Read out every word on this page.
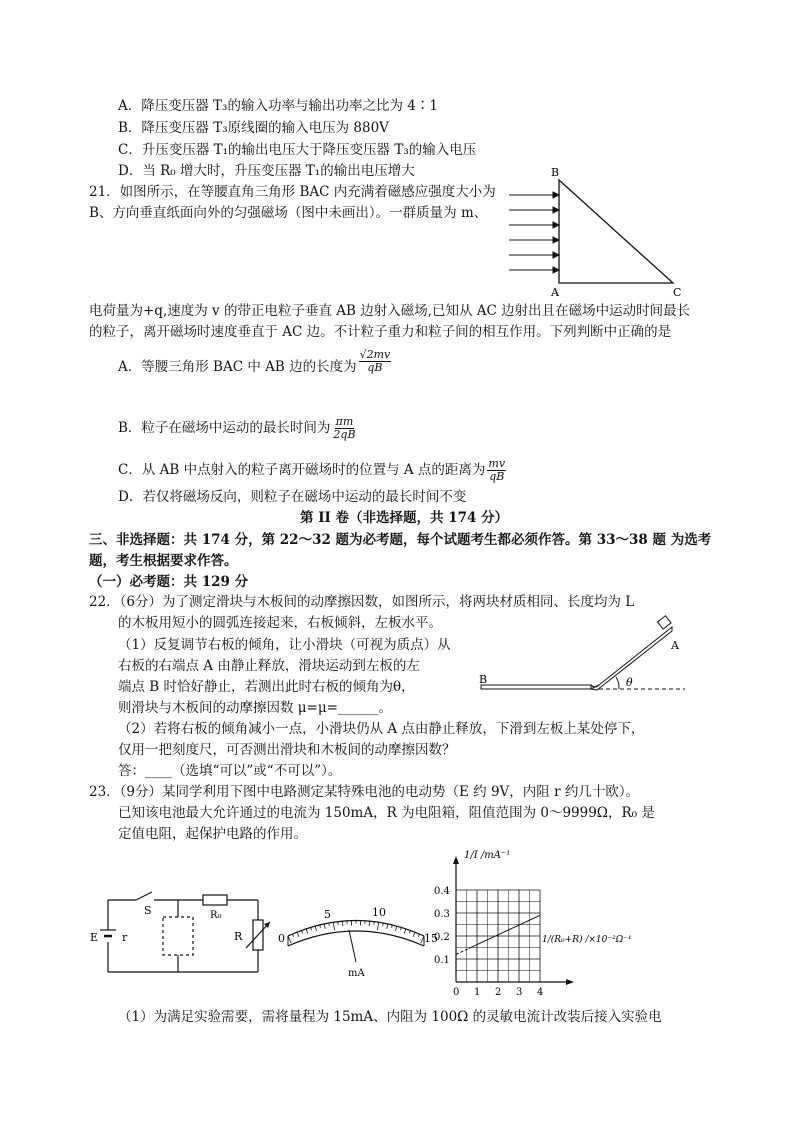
A．降压变压器 T₃的输入功率与输出功率之比为 4∶1
B．降压变压器 T₃原线圈的输入电压为 880V
C．升压变压器 T₁的输出电压大于降压变压器 T₃的输入电压
D．当 R₀ 增大时，升压变压器 T₁的输出电压增大
21．如图所示，在等腰直角三角形 BAC 内充满着磁感应强度大小为
B、方向垂直纸面向外的匀强磁场（图中未画出）。一群质量为 m、
B
A	C
电荷量为+q,速度为 v 的带正电粒子垂直 AB 边射入磁场,已知从 AC 边射出且在磁场中运动时间最长
的粒子，离开磁场时速度垂直于 AC 边。不计粒子重力和粒子间的相互作用。下列判断中正确的是
A．等腰三角形 BAC 中 AB 边的长度为 $\frac{√2mv}{qB}$
B．粒子在磁场中运动的最长时间为 $\frac{\pi m}{2qB}$
C．从 AB 中点射入的粒子离开磁场时的位置与 A 点的距离为 $\frac{mv}{qB}$
D．若仅将磁场反向，则粒子在磁场中运动的最长时间不变
第 II 卷（非选择题，共 174 分）
三、非选择题：共 174 分，第 22～32 题为必考题，每个试题考生都必须作答。第 33～38 题 为选考
题，考生根据要求作答。
（一）必考题：共 129 分
22．（6分）为了测定滑块与木板间的动摩擦因数，如图所示，将两块材质相同、长度均为 L
的木板用短小的圆弧连接起来，右板倾斜，左板水平。
（1）反复调节右板的倾角，让小滑块（可视为质点）从
右板的右端点 A 由静止释放，滑块运动到左板的左
端点 B 时恰好静止，若测出此时右板的倾角为θ，
则滑块与木板间的动摩擦因数 μ=μ=______。
（2）若将右板的倾角减小一点，小滑块仍从 A 点由静止释放，下滑到左板上某处停下，
仅用一把刻度尺，可否测出滑块和木板间的动摩擦因数？
答：____（选填“可以”或“不可以”）。
B
A
θ
23．（9分）某同学利用下图中电路测定某特殊电池的电动势（E 约 9V，内阻 r 约几十欧）。
已知该电池最大允许通过的电流为 150mA，R 为电阻箱，阻值范围为 0～9999Ω，R₀ 是
定值电阻，起保护电路的作用。
S	R₀
E r	R	0
5	10
15
mA
0.1
0.2
0.3
0.4
0 1 2 3 4
1/I /mA⁻¹
1/(R₀+R) /×10⁻²Ω⁻¹
（1）为满足实验需要，需将量程为 15mA、内阻为 100Ω 的灵敏电流计改装后接入实验电
